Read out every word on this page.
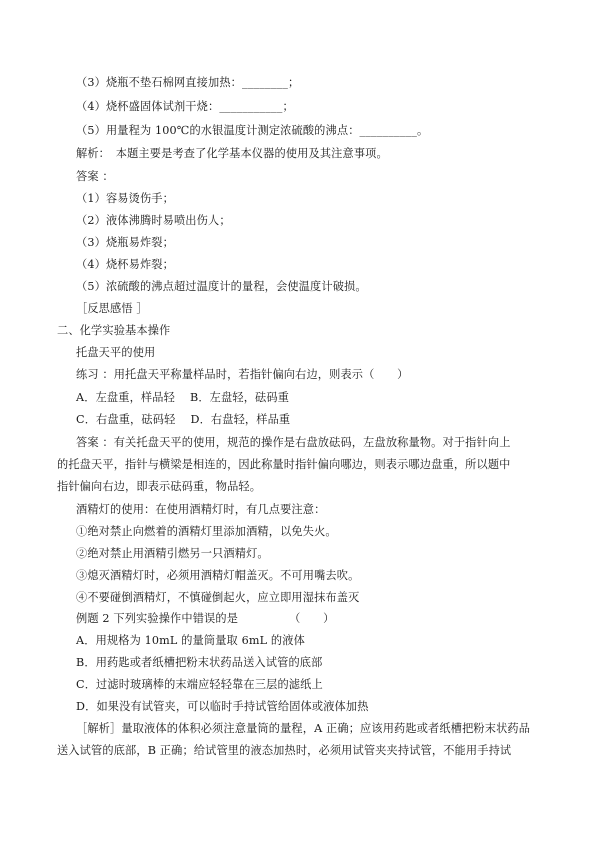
（3）烧瓶不垫石棉网直接加热：________；
（4）烧杯盛固体试剂干烧：___________；
（5）用量程为 100℃的水银温度计测定浓硫酸的沸点：__________。
解析：　本题主要是考查了化学基本仪器的使用及其注意事项。
答案 ：
（1）容易烫伤手；
（2）液体沸腾时易喷出伤人；
（3）烧瓶易炸裂；
（4）烧杯易炸裂；
（5）浓硫酸的沸点超过温度计的量程，会使温度计破损。
［反思感悟 ］
二、化学实验基本操作
托盘天平的使用
练习 ：用托盘天平称量样品时，若指针偏向右边，则表示（　　）
A．左盘重，样品轻　 B．左盘轻，砝码重
C．右盘重，砝码轻　 D．右盘轻，样品重
答案 ：有关托盘天平的使用，规范的操作是右盘放砝码，左盘放称量物。对于指针向上
的托盘天平，指针与横梁是相连的，因此称量时指针偏向哪边，则表示哪边盘重，所以题中
指针偏向右边，即表示砝码重，物品轻。
酒精灯的使用：在使用酒精灯时，有几点要注意：
①绝对禁止向燃着的酒精灯里添加酒精，以免失火。
②绝对禁止用酒精引燃另一只酒精灯。
③熄灭酒精灯时，必须用酒精灯帽盖灭。不可用嘴去吹。
④不要碰倒酒精灯，不慎碰倒起火，应立即用湿抹布盖灭
例题 2 下列实验操作中错误的是　　　　　（　　）
A．用规格为 10mL 的量筒量取 6mL 的液体
B．用药匙或者纸槽把粉末状药品送入试管的底部
C．过滤时玻璃棒的末端应轻轻靠在三层的滤纸上
D．如果没有试管夹，可以临时手持试管给固体或液体加热
［解析］量取液体的体积必须注意量筒的量程，A 正确；应该用药匙或者纸槽把粉末状药品
送入试管的底部，B 正确；给试管里的液态加热时，必须用试管夹夹持试管，不能用手持试
